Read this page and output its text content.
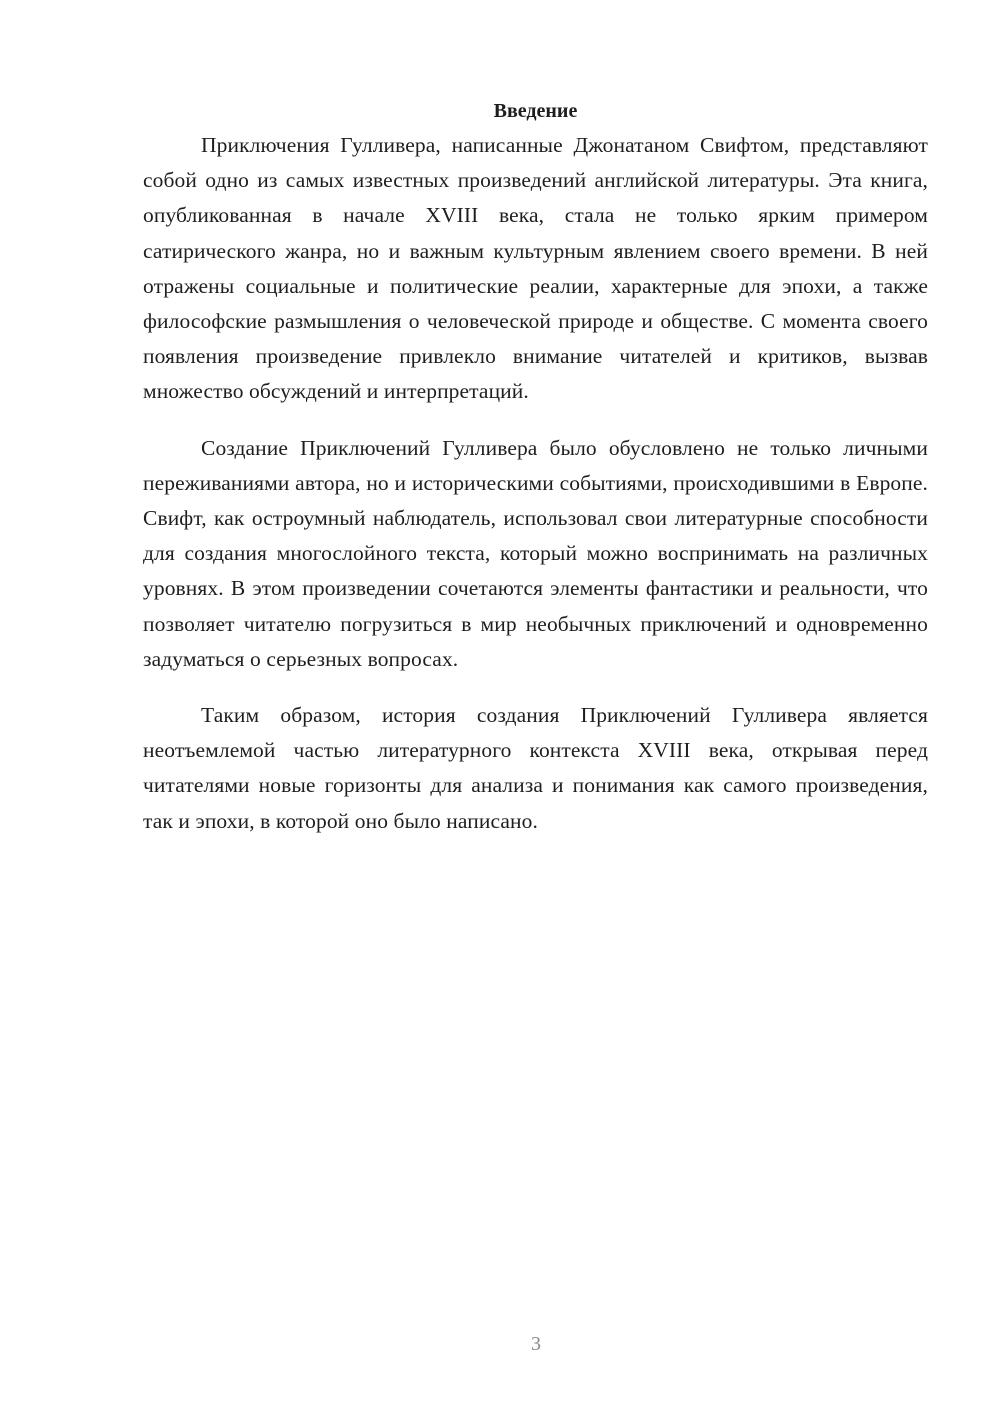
Введение

Приключения Гулливера, написанные Джонатаном Свифтом, представляют собой одно из самых известных произведений английской литературы. Эта книга, опубликованная в начале XVIII века, стала не только ярким примером сатирического жанра, но и важным культурным явлением своего времени. В ней отражены социальные и политические реалии, характерные для эпохи, а также философские размышления о человеческой природе и обществе. С момента своего появления произведение привлекло внимание читателей и критиков, вызвав множество обсуждений и интерпретаций.

Создание Приключений Гулливера было обусловлено не только личными переживаниями автора, но и историческими событиями, происходившими в Европе. Свифт, как остроумный наблюдатель, использовал свои литературные способности для создания многослойного текста, который можно воспринимать на различных уровнях. В этом произведении сочетаются элементы фантастики и реальности, что позволяет читателю погрузиться в мир необычных приключений и одновременно задуматься о серьезных вопросах.

Таким образом, история создания Приключений Гулливера является неотъемлемой частью литературного контекста XVIII века, открывая перед читателями новые горизонты для анализа и понимания как самого произведения, так и эпохи, в которой оно было написано.

3
